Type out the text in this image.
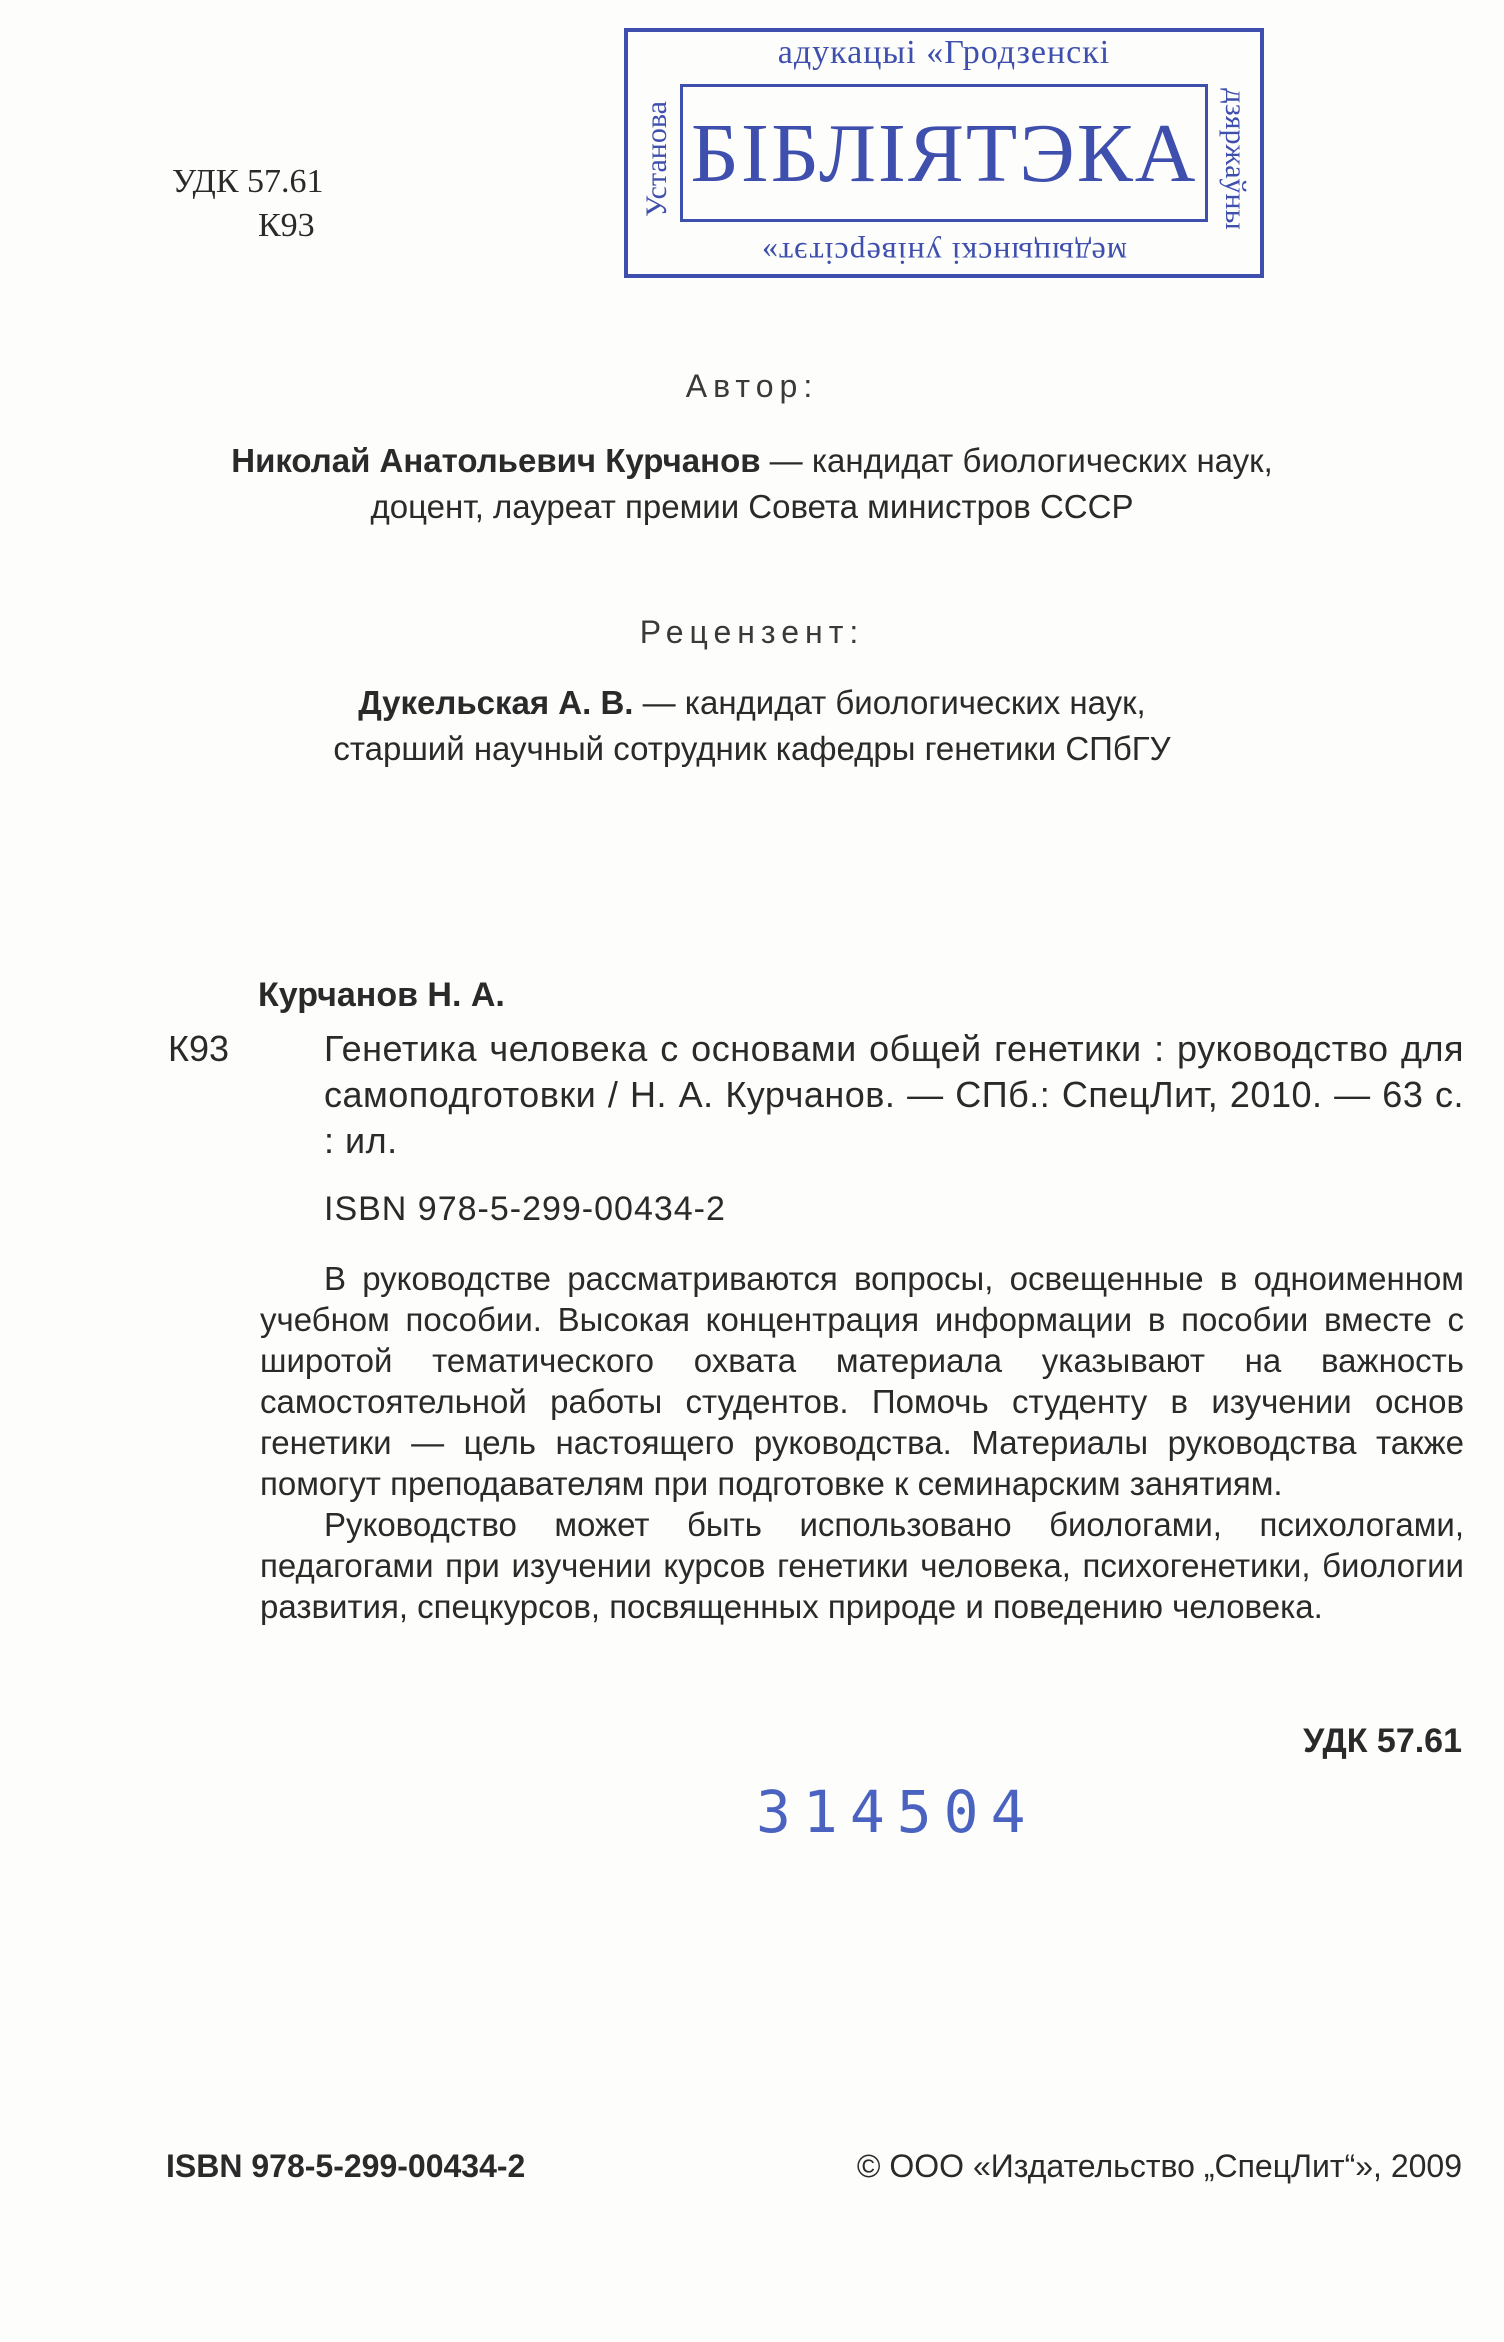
УДК 57.61
К93
адукацыі «Гродзенскі
Установа	дзяржаўны
БІБЛІЯТЭКА
медыцынскі універсітэт»
Автор:
Николай Анатольевич Курчанов — кандидат биологических наук,
доцент, лауреат премии Совета министров СССР
Рецензент:
Дукельская А. В. — кандидат биологических наук,
старший научный сотрудник кафедры генетики СПбГУ
Курчанов Н. А.
К93	Генетика человека с основами общей генетики : руководство для самоподготовки / Н. А. Курчанов. — СПб.: СпецЛит, 2010. — 63 с. : ил.
ISBN 978-5-299-00434-2

В руководстве рассматриваются вопросы, освещенные в одноименном учебном пособии. Высокая концентрация информации в пособии вместе с широтой тематического охвата материала указывают на важность самостоятельной работы студентов. Помочь студенту в изучении основ генетики — цель настоящего руководства. Материалы руководства также помогут преподавателям при подготовке к семинарским занятиям.

Руководство может быть использовано биологами, психологами, педагогами при изучении курсов генетики человека, психогенетики, биологии развития, спецкурсов, посвященных природе и поведению человека.

УДК 57.61
314504
ISBN 978-5-299-00434-2	© ООО «Издательство „СпецЛит“», 2009
